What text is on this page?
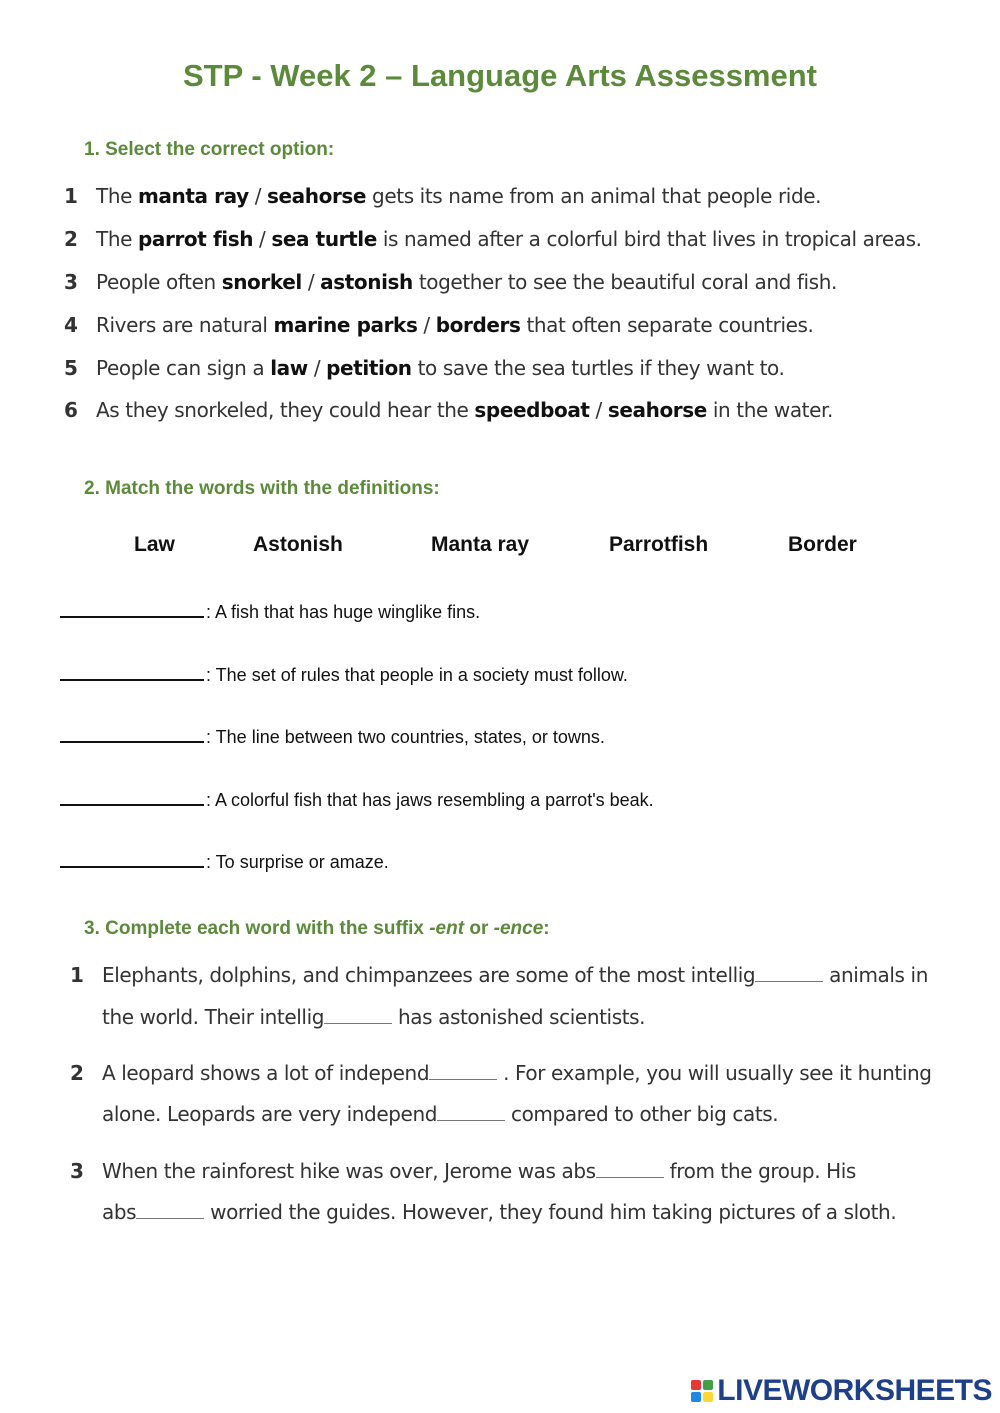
STP - Week 2 – Language Arts Assessment
1. Select the correct option:
1 The manta ray / seahorse gets its name from an animal that people ride.
2 The parrot fish / sea turtle is named after a colorful bird that lives in tropical areas.
3 People often snorkel / astonish together to see the beautiful coral and fish.
4 Rivers are natural marine parks / borders that often separate countries.
5 People can sign a law / petition to save the sea turtles if they want to.
6 As they snorkeled, they could hear the speedboat / seahorse in the water.
2. Match the words with the definitions:
Law	Astonish	Manta ray	Parrotfish	Border
: A fish that has huge winglike fins.
: The set of rules that people in a society must follow.
: The line between two countries, states, or towns.
: A colorful fish that has jaws resembling a parrot's beak.
: To surprise or amaze.
3. Complete each word with the suffix -ent or -ence:
1 Elephants, dolphins, and chimpanzees are some of the most intellig	animals in
the world. Their intellig	has astonished scientists.
2 A leopard shows a lot of independ	. For example, you will usually see it hunting
alone. Leopards are very independ	compared to other big cats.
3 When the rainforest hike was over, Jerome was abs	from the group. His
abs	worried the guides. However, they found him taking pictures of a sloth.
LIVEWORKSHEETS
